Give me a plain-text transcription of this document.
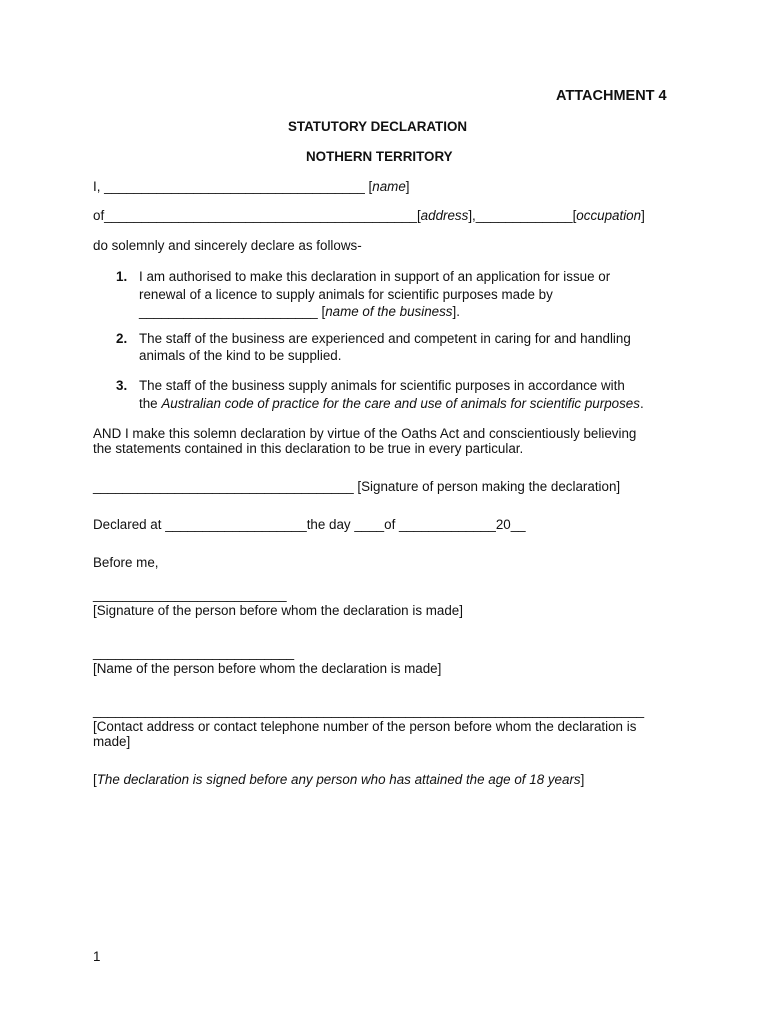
ATTACHMENT 4
STATUTORY DECLARATION
NOTHERN TERRITORY
I, ___________________________________ [name]
of__________________________________________[address],_____________[occupation]
do solemnly and sincerely declare as follows-
1. I am authorised to make this declaration in support of an application for issue or
renewal of a licence to supply animals for scientific purposes made by
________________________ [name of the business].
2. The staff of the business are experienced and competent in caring for and handling
animals of the kind to be supplied.
3. The staff of the business supply animals for scientific purposes in accordance with
the Australian code of practice for the care and use of animals for scientific purposes.
AND I make this solemn declaration by virtue of the Oaths Act and conscientiously believing
the statements contained in this declaration to be true in every particular.
___________________________________ [Signature of person making the declaration]
Declared at ___________________the day ____of _____________20__
Before me,
__________________________
[Signature of the person before whom the declaration is made]
___________________________
[Name of the person before whom the declaration is made]
__________________________________________________________________________
[Contact address or contact telephone number of the person before whom the declaration is
made]
[The declaration is signed before any person who has attained the age of 18 years]
1
